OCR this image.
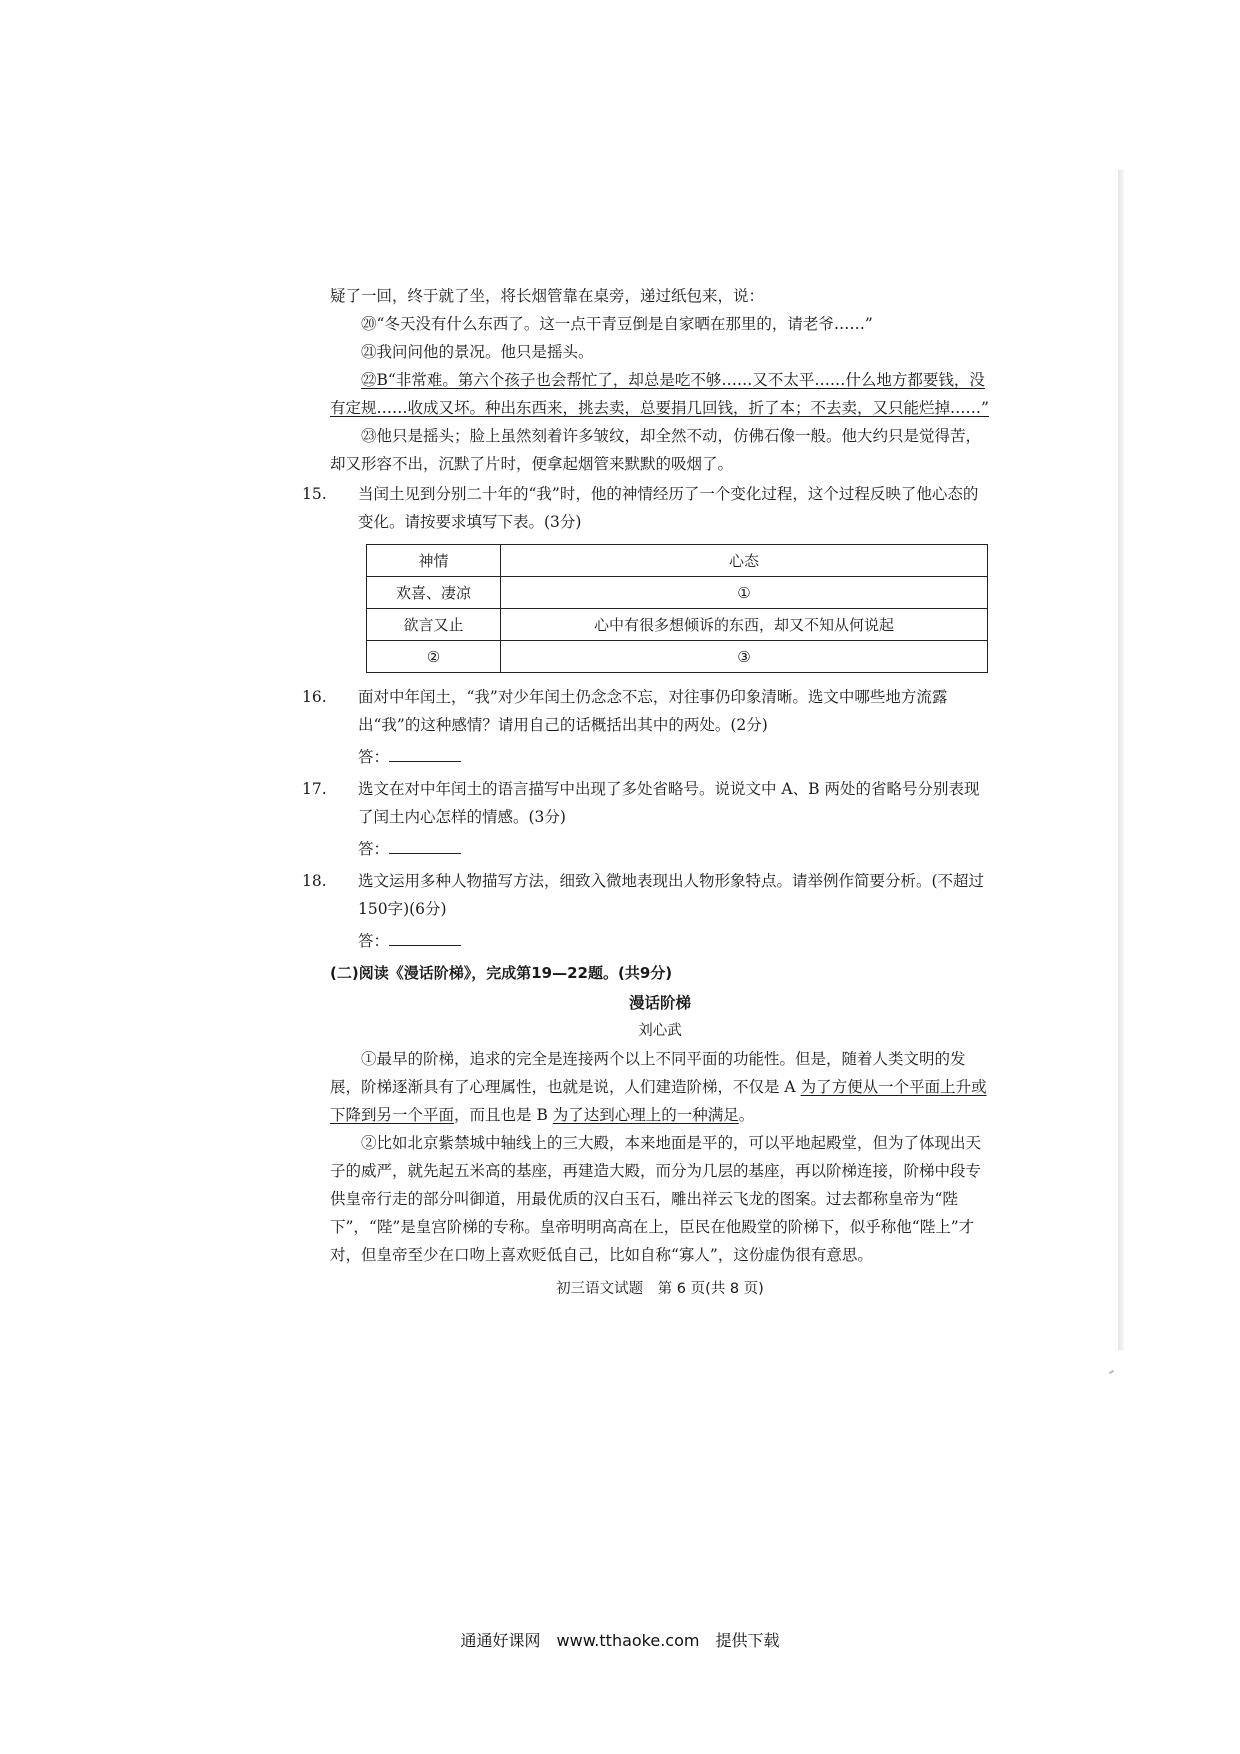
疑了一回，终于就了坐，将长烟管靠在桌旁，递过纸包来，说：

⑳“冬天没有什么东西了。这一点干青豆倒是自家晒在那里的，请老爷……”

㉑我问问他的景况。他只是摇头。

㉒B“非常难。第六个孩子也会帮忙了，却总是吃不够……又不太平……什么地方都要钱，没有定规……收成又坏。种出东西来，挑去卖，总要捐几回钱，折了本；不去卖，又只能烂掉……”

㉓他只是摇头；脸上虽然刻着许多皱纹，却全然不动，仿佛石像一般。他大约只是觉得苦，却又形容不出，沉默了片时，便拿起烟管来默默的吸烟了。

15. 当闰土见到分别二十年的“我”时，他的神情经历了一个变化过程，这个过程反映了他心态的变化。请按要求填写下表。(3分)
神情	心态
欢喜、凄凉	①
欲言又止	心中有很多想倾诉的东西，却又不知从何说起
②	③
16. 面对中年闰土，“我”对少年闰土仍念念不忘，对往事仍印象清晰。选文中哪些地方流露出“我”的这种感情？请用自己的话概括出其中的两处。(2分)
答：
17. 选文在对中年闰土的语言描写中出现了多处省略号。说说文中 A、B 两处的省略号分别表现了闰土内心怎样的情感。(3分)
答：
18. 选文运用多种人物描写方法，细致入微地表现出人物形象特点。请举例作简要分析。(不超过150字)(6分)
答：

(二)阅读《漫话阶梯》，完成第19—22题。(共9分)

漫话阶梯

刘心武

①最早的阶梯，追求的完全是连接两个以上不同平面的功能性。但是，随着人类文明的发展，阶梯逐渐具有了心理属性，也就是说，人们建造阶梯，不仅是 A 为了方便从一个平面上升或下降到另一个平面，而且也是 B 为了达到心理上的一种满足。

②比如北京紫禁城中轴线上的三大殿，本来地面是平的，可以平地起殿堂，但为了体现出天子的威严，就先起五米高的基座，再建造大殿，而分为几层的基座，再以阶梯连接，阶梯中段专供皇帝行走的部分叫御道，用最优质的汉白玉石，雕出祥云飞龙的图案。过去都称皇帝为“陛下”，“陛”是皇宫阶梯的专称。皇帝明明高高在上，臣民在他殿堂的阶梯下，似乎称他“陛上”才对，但皇帝至少在口吻上喜欢贬低自己，比如自称“寡人”，这份虚伪很有意思。

初三语文试题　第 6 页(共 8 页)

通通好课网　www.tthaoke.com　提供下载
